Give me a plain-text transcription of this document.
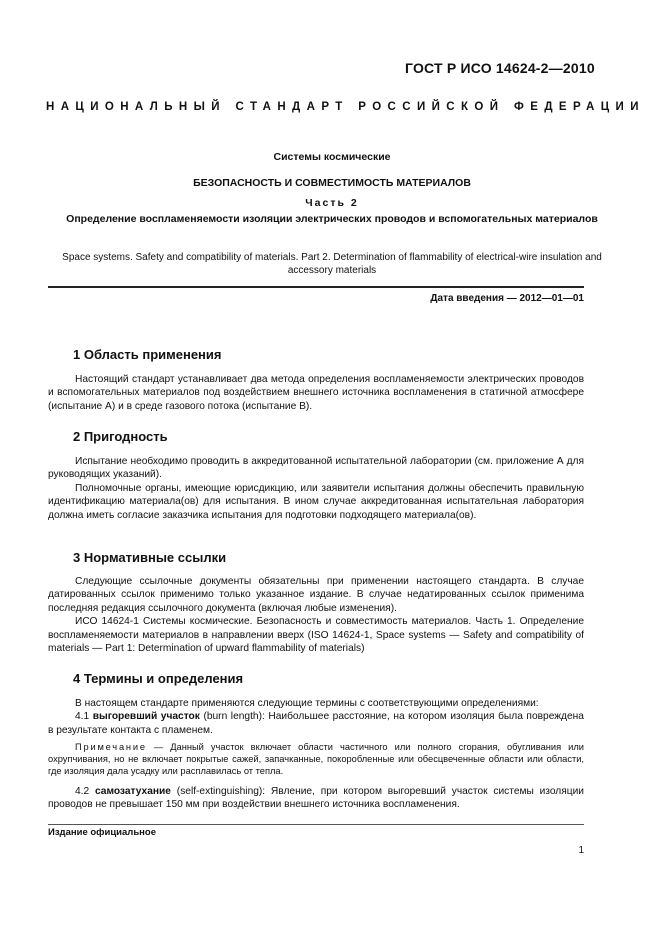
ГОСТ Р ИСО 14624-2—2010
НАЦИОНАЛЬНЫЙ СТАНДАРТ РОССИЙСКОЙ ФЕДЕРАЦИИ
Системы космические
БЕЗОПАСНОСТЬ И СОВМЕСТИМОСТЬ МАТЕРИАЛОВ
Часть 2
Определение воспламеняемости изоляции электрических проводов и вспомогательных материалов
Space systems. Safety and compatibility of materials. Part 2. Determination of flammability of electrical-wire insulation and accessory materials
Дата введения — 2012—01—01
1 Область применения

Настоящий стандарт устанавливает два метода определения воспламеняемости электрических проводов и вспомогательных материалов под воздействием внешнего источника воспламенения в статичной атмосфере (испытание А) и в среде газового потока (испытание В).

2 Пригодность

Испытание необходимо проводить в аккредитованной испытательной лаборатории (см. приложение А для руководящих указаний).

Полномочные органы, имеющие юрисдикцию, или заявители испытания должны обеспечить правильную идентификацию материала(ов) для испытания. В ином случае аккредитованная испытательная лаборатория должна иметь согласие заказчика испытания для подготовки подходящего материала(ов).

3 Нормативные ссылки

Следующие ссылочные документы обязательны при применении настоящего стандарта. В случае датированных ссылок применимо только указанное издание. В случае недатированных ссылок применима последняя редакция ссылочного документа (включая любые изменения).

ИСО 14624-1 Системы космические. Безопасность и совместимость материалов. Часть 1. Определение воспламеняемости материалов в направлении вверх (ISO 14624-1, Space systems — Safety and compatibility of materials — Part 1: Determination of upward flammability of materials)

4 Термины и определения

В настоящем стандарте применяются следующие термины с соответствующими определениями:

4.1 выгоревший участок (burn length): Наибольшее расстояние, на котором изоляция была повреждена в результате контакта с пламенем.

Примечание — Данный участок включает области частичного или полного сгорания, обугливания или охрупчивания, но не включает покрытые сажей, запачканные, покоробленные или обесцвеченные области или области, где изоляция дала усадку или расплавилась от тепла.

4.2 самозатухание (self-extinguishing): Явление, при котором выгоревший участок системы изоляции проводов не превышает 150 мм при воздействии внешнего источника воспламенения.

Издание официальное
1
